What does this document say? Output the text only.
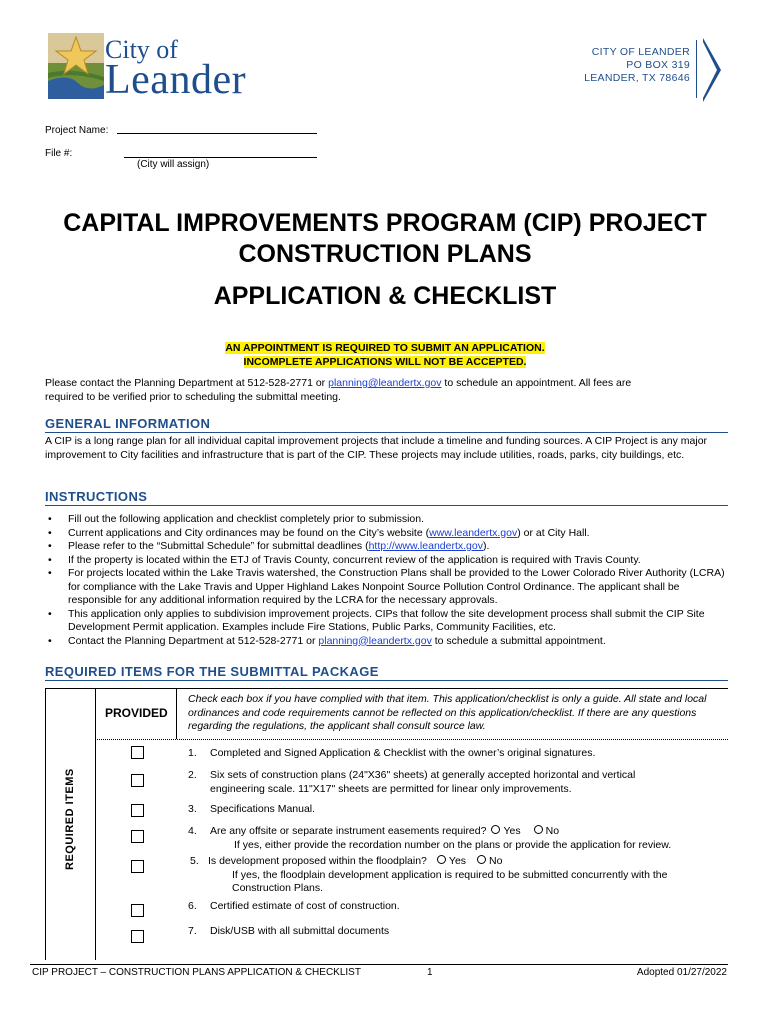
City of
Leander
CITY OF LEANDER
PO BOX 319
LEANDER, TX 78646
Project Name:
File #:
(City will assign)
CAPITAL IMPROVEMENTS PROGRAM (CIP) PROJECT
CONSTRUCTION PLANS
APPLICATION & CHECKLIST
AN APPOINTMENT IS REQUIRED TO SUBMIT AN APPLICATION.
INCOMPLETE APPLICATIONS WILL NOT BE ACCEPTED.
Please contact the Planning Department at 512-528-2771 or planning@leandertx.gov to schedule an appointment. All fees are
required to be verified prior to scheduling the submittal meeting.
GENERAL INFORMATION
A CIP is a long range plan for all individual capital improvement projects that include a timeline and funding sources. A CIP Project is any major improvement to City facilities and infrastructure that is part of the CIP. These projects may include utilities, roads, parks, city buildings, etc.
INSTRUCTIONS
• Fill out the following application and checklist completely prior to submission.
• Current applications and City ordinances may be found on the City’s website (www.leandertx.gov) or at City Hall.
• Please refer to the “Submittal Schedule” for submittal deadlines (http://www.leandertx.gov).
• If the property is located within the ETJ of Travis County, concurrent review of the application is required with Travis County.
• For projects located within the Lake Travis watershed, the Construction Plans shall be provided to the Lower Colorado River Authority (LCRA) for compliance with the Lake Travis and Upper Highland Lakes Nonpoint Source Pollution Control Ordinance. The applicant shall be responsible for any additional information required by the LCRA for the necessary approvals.
• This application only applies to subdivision improvement projects. CIPs that follow the site development process shall submit the CIP Site Development Permit application. Examples include Fire Stations, Public Parks, Community Facilities, etc.
• Contact the Planning Department at 512-528-2771 or planning@leandertx.gov to schedule a submittal appointment.
REQUIRED ITEMS FOR THE SUBMITTAL PACKAGE
REQUIRED ITEMS
PROVIDED
Check each box if you have complied with that item. This application/checklist is only a guide. All state and local ordinances and code requirements cannot be reflected on this application/checklist. If there are any questions regarding the regulations, the applicant shall consult source law.
1. Completed and Signed Application & Checklist with the owner’s original signatures.
2. Six sets of construction plans (24"X36" sheets) at generally accepted horizontal and vertical
engineering scale. 11"X17" sheets are permitted for linear only improvements.
3. Specifications Manual.
4. Are any offsite or separate instrument easements required? Yes No
If yes, either provide the recordation number on the plans or provide the application for review.
5. Is development proposed within the floodplain? Yes No
If yes, the floodplain development application is required to be submitted concurrently with the
Construction Plans.
6. Certified estimate of cost of construction.
7. Disk/USB with all submittal documents
CIP PROJECT – CONSTRUCTION PLANS APPLICATION & CHECKLIST	1	Adopted 01/27/2022
